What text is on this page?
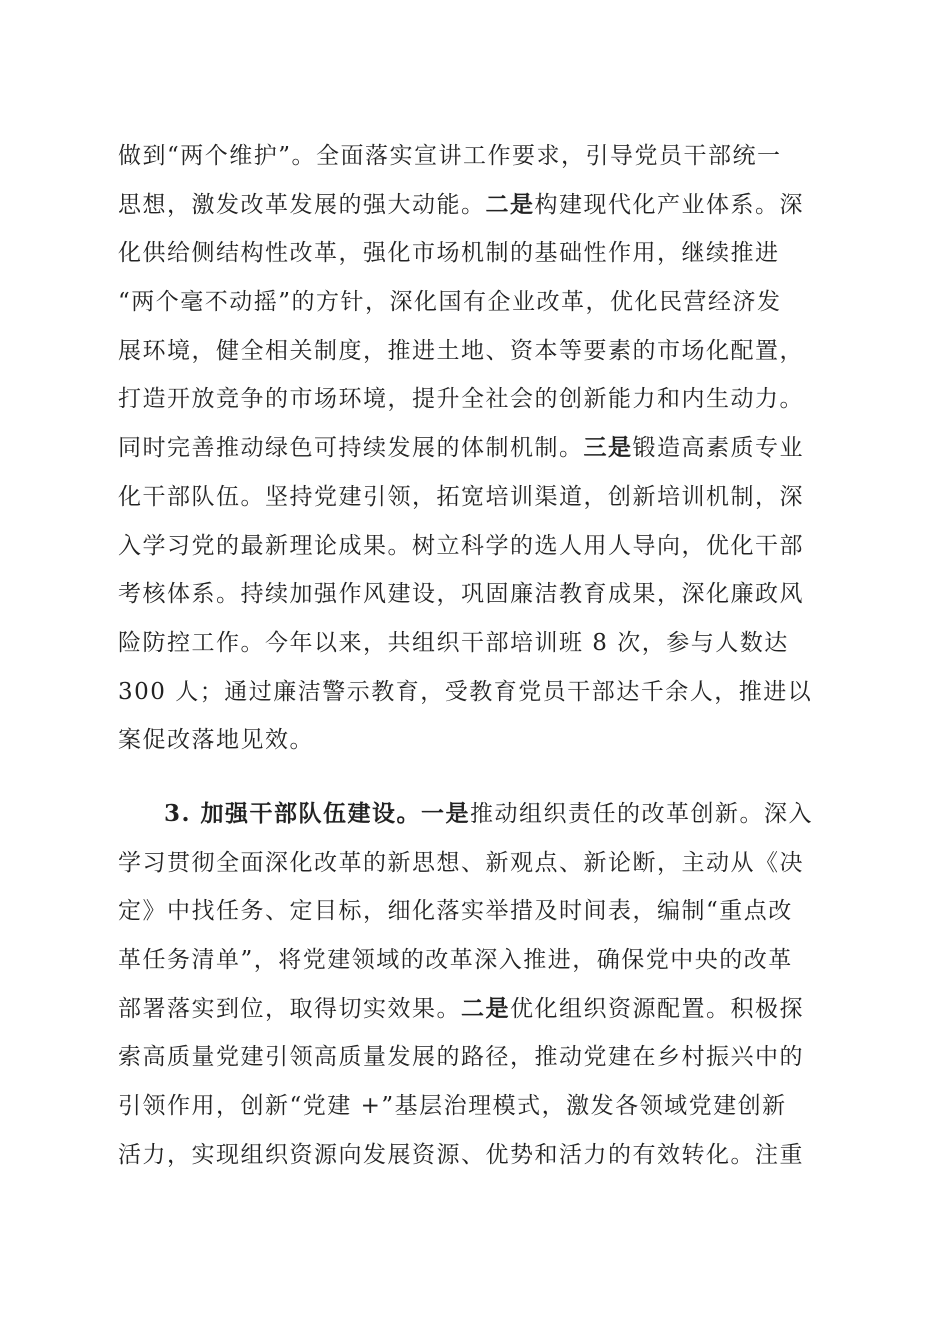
做到“两个维护”。全面落实宣讲工作要求，引导党员干部统一
思想，激发改革发展的强大动能。二是构建现代化产业体系。深
化供给侧结构性改革，强化市场机制的基础性作用，继续推进
“两个毫不动摇”的方针，深化国有企业改革，优化民营经济发
展环境，健全相关制度，推进土地、资本等要素的市场化配置，
打造开放竞争的市场环境，提升全社会的创新能力和内生动力。
同时完善推动绿色可持续发展的体制机制。三是锻造高素质专业
化干部队伍。坚持党建引领，拓宽培训渠道，创新培训机制，深
入学习党的最新理论成果。树立科学的选人用人导向，优化干部
考核体系。持续加强作风建设，巩固廉洁教育成果，深化廉政风
险防控工作。今年以来，共组织干部培训班 8 次，参与人数达
300 人；通过廉洁警示教育，受教育党员干部达千余人，推进以
案促改落地见效。
3. 加强干部队伍建设。一是推动组织责任的改革创新。深入
学习贯彻全面深化改革的新思想、新观点、新论断，主动从《决
定》中找任务、定目标，细化落实举措及时间表，编制“重点改
革任务清单”，将党建领域的改革深入推进，确保党中央的改革
部署落实到位，取得切实效果。二是优化组织资源配置。积极探
索高质量党建引领高质量发展的路径，推动党建在乡村振兴中的
引领作用，创新“党建 +”基层治理模式，激发各领域党建创新
活力，实现组织资源向发展资源、优势和活力的有效转化。注重
